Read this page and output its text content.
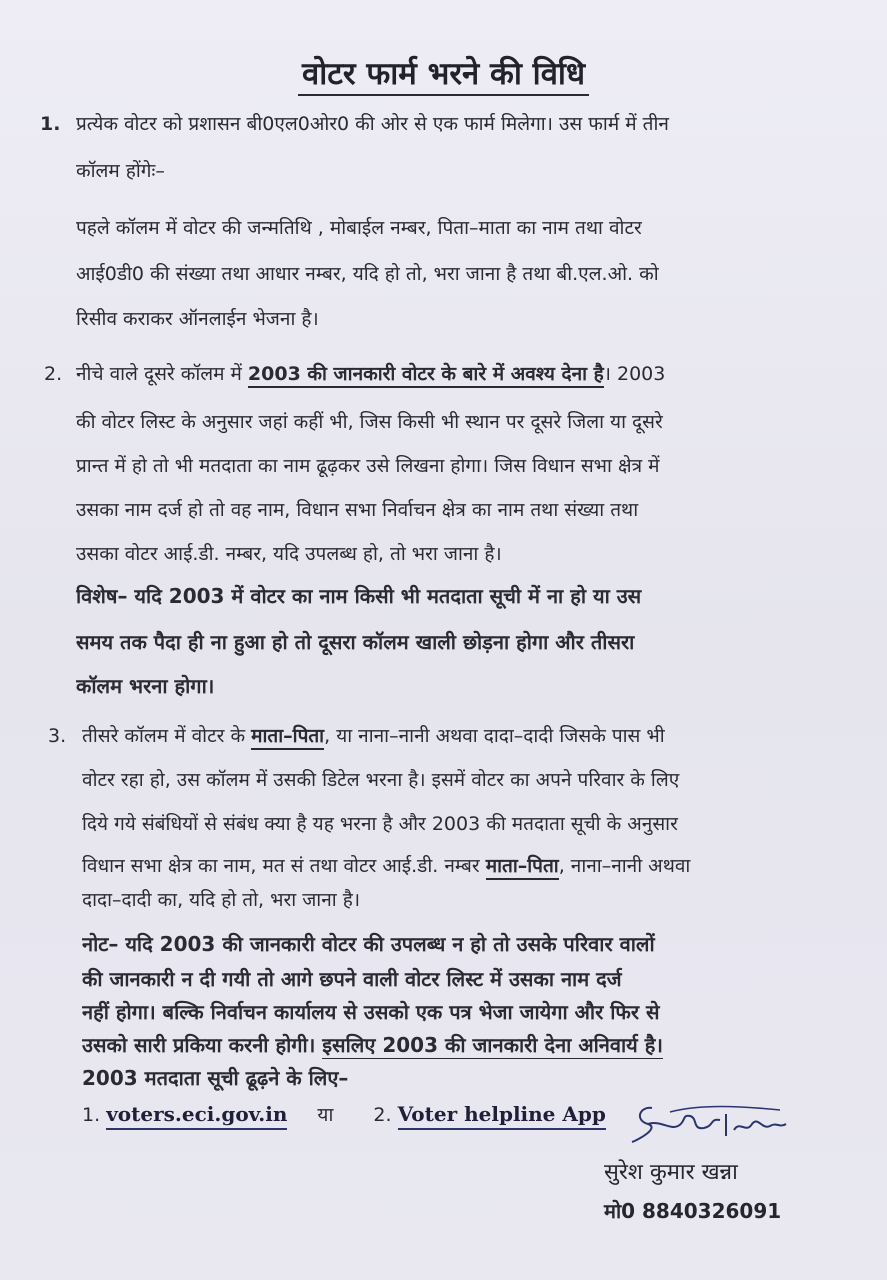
वोटर फार्म भरने की विधि
1. प्रत्येक वोटर को प्रशासन बी0एल0ओर0 की ओर से एक फार्म मिलेगा। उस फार्म में तीन
कॉलम होंगेः–
पहले कॉलम में वोटर की जन्मतिथि , मोबाईल नम्बर, पिता–माता का नाम तथा वोटर
आई0डी0 की संख्या तथा आधार नम्बर, यदि हो तो, भरा जाना है तथा बी.एल.ओ. को
रिसीव कराकर ऑनलाईन भेजना है।
2. नीचे वाले दूसरे कॉलम में 2003 की जानकारी वोटर के बारे में अवश्य देना है। 2003
की वोटर लिस्ट के अनुसार जहां कहीं भी, जिस किसी भी स्थान पर दूसरे जिला या दूसरे
प्रान्त में हो तो भी मतदाता का नाम ढूढ़कर उसे लिखना होगा। जिस विधान सभा क्षेत्र में
उसका नाम दर्ज हो तो वह नाम, विधान सभा निर्वाचन क्षेत्र का नाम तथा संख्या तथा
उसका वोटर आई.डी. नम्बर, यदि उपलब्ध हो, तो भरा जाना है।
विशेष– यदि 2003 में वोटर का नाम किसी भी मतदाता सूची में ना हो या उस
समय तक पैदा ही ना हुआ हो तो दूसरा कॉलम खाली छोड़ना होगा और तीसरा
कॉलम भरना होगा।
3. तीसरे कॉलम में वोटर के माता–पिता, या नाना–नानी अथवा दादा–दादी जिसके पास भी
वोटर रहा हो, उस कॉलम में उसकी डिटेल भरना है। इसमें वोटर का अपने परिवार के लिए
दिये गये संबंधियों से संबंध क्या है यह भरना है और 2003 की मतदाता सूची के अनुसार
विधान सभा क्षेत्र का नाम, मत सं तथा वोटर आई.डी. नम्बर माता–पिता, नाना–नानी अथवा
दादा–दादी का, यदि हो तो, भरा जाना है।
नोट– यदि 2003 की जानकारी वोटर की उपलब्ध न हो तो उसके परिवार वालों
की जानकारी न दी गयी तो आगे छपने वाली वोटर लिस्ट में उसका नाम दर्ज
नहीं होगा। बल्कि निर्वाचन कार्यालय से उसको एक पत्र भेजा जायेगा और फिर से
उसको सारी प्रकिया करनी होगी। इसलिए 2003 की जानकारी देना अनिवार्य है।
2003 मतदाता सूची ढूढ़ने के लिए–
1. voters.eci.gov.in या 2. Voter helpline App
सुरेश कुमार खन्ना
मो0 8840326091
